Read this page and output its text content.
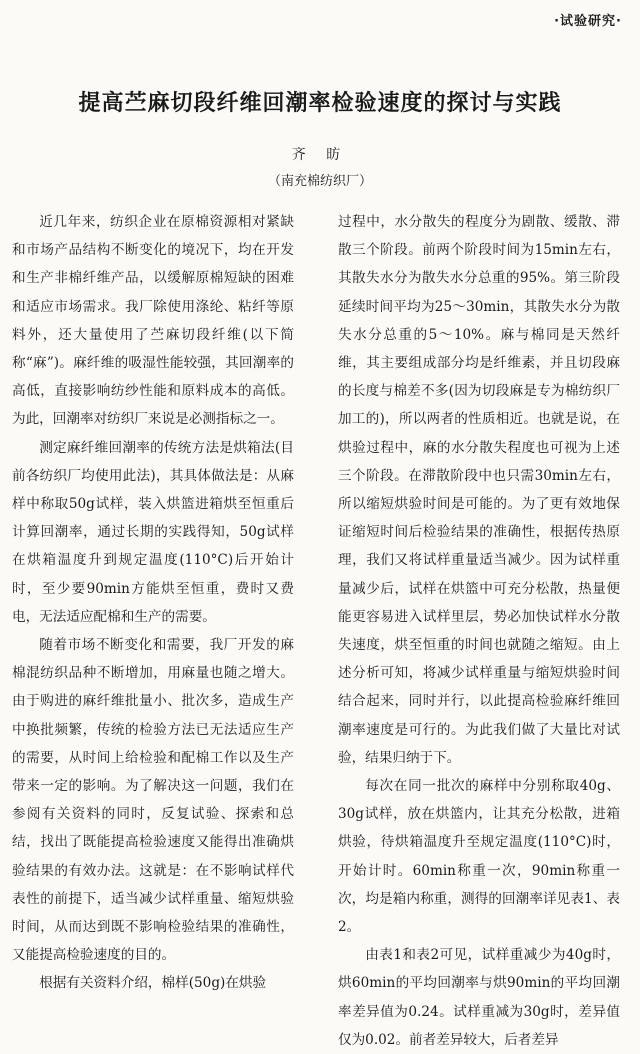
·试验研究·
提高苎麻切段纤维回潮率检验速度的探讨与实践
齐 昉
（南充棉纺织厂）

近几年来，纺织企业在原棉资源相对紧缺和市场产品结构不断变化的境况下，均在开发和生产非棉纤维产品，以缓解原棉短缺的困难和适应市场需求。我厂除使用涤纶、粘纤等原料外，还大量使用了苎麻切段纤维(以下简称“麻”)。麻纤维的吸湿性能较强，其回潮率的高低，直接影响纺纱性能和原料成本的高低。为此，回潮率对纺织厂来说是必测指标之一。

测定麻纤维回潮率的传统方法是烘箱法(目前各纺织厂均使用此法)，其具体做法是：从麻样中称取50g试样，装入烘篮进箱烘至恒重后计算回潮率，通过长期的实践得知，50g试样在烘箱温度升到规定温度(110°C)后开始计时，至少要90min方能烘至恒重，费时又费电，无法适应配棉和生产的需要。

随着市场不断变化和需要，我厂开发的麻棉混纺织品种不断增加，用麻量也随之增大。由于购进的麻纤维批量小、批次多，造成生产中换批频繁，传统的检验方法已无法适应生产的需要，从时间上给检验和配棉工作以及生产带来一定的影响。为了解决这一问题，我们在参阅有关资料的同时，反复试验、探索和总结，找出了既能提高检验速度又能得出准确烘验结果的有效办法。这就是：在不影响试样代表性的前提下，适当减少试样重量、缩短烘验时间，从而达到既不影响检验结果的准确性，又能提高检验速度的目的。

根据有关资料介绍，棉样(50g)在烘验

过程中，水分散失的程度分为剧散、缓散、滞散三个阶段。前两个阶段时间为15min左右，其散失水分为散失水分总重的95%。第三阶段延续时间平均为25～30min，其散失水分为散失水分总重的5～10%。麻与棉同是天然纤维，其主要组成部分均是纤维素，并且切段麻的长度与棉差不多(因为切段麻是专为棉纺织厂加工的)，所以两者的性质相近。也就是说，在烘验过程中，麻的水分散失程度也可视为上述三个阶段。在滞散阶段中也只需30min左右，所以缩短烘验时间是可能的。为了更有效地保证缩短时间后检验结果的准确性，根据传热原理，我们又将试样重量适当减少。因为试样重量减少后，试样在烘篮中可充分松散，热量便能更容易进入试样里层，势必加快试样水分散失速度，烘至恒重的时间也就随之缩短。由上述分析可知，将减少试样重量与缩短烘验时间结合起来，同时并行，以此提高检验麻纤维回潮率速度是可行的。为此我们做了大量比对试验，结果归纳于下。

每次在同一批次的麻样中分别称取40g、30g试样，放在烘篮内，让其充分松散，进箱烘验，待烘箱温度升至规定温度(110°C)时，开始计时。60min称重一次，90min称重一次，均是箱内称重，测得的回潮率详见表1、表2。

由表1和表2可见，试样重减少为40g时，烘60min的平均回潮率与烘90min的平均回潮率差异值为0.24。试样重减为30g时，差异值仅为0.02。前者差异较大，后者差异
